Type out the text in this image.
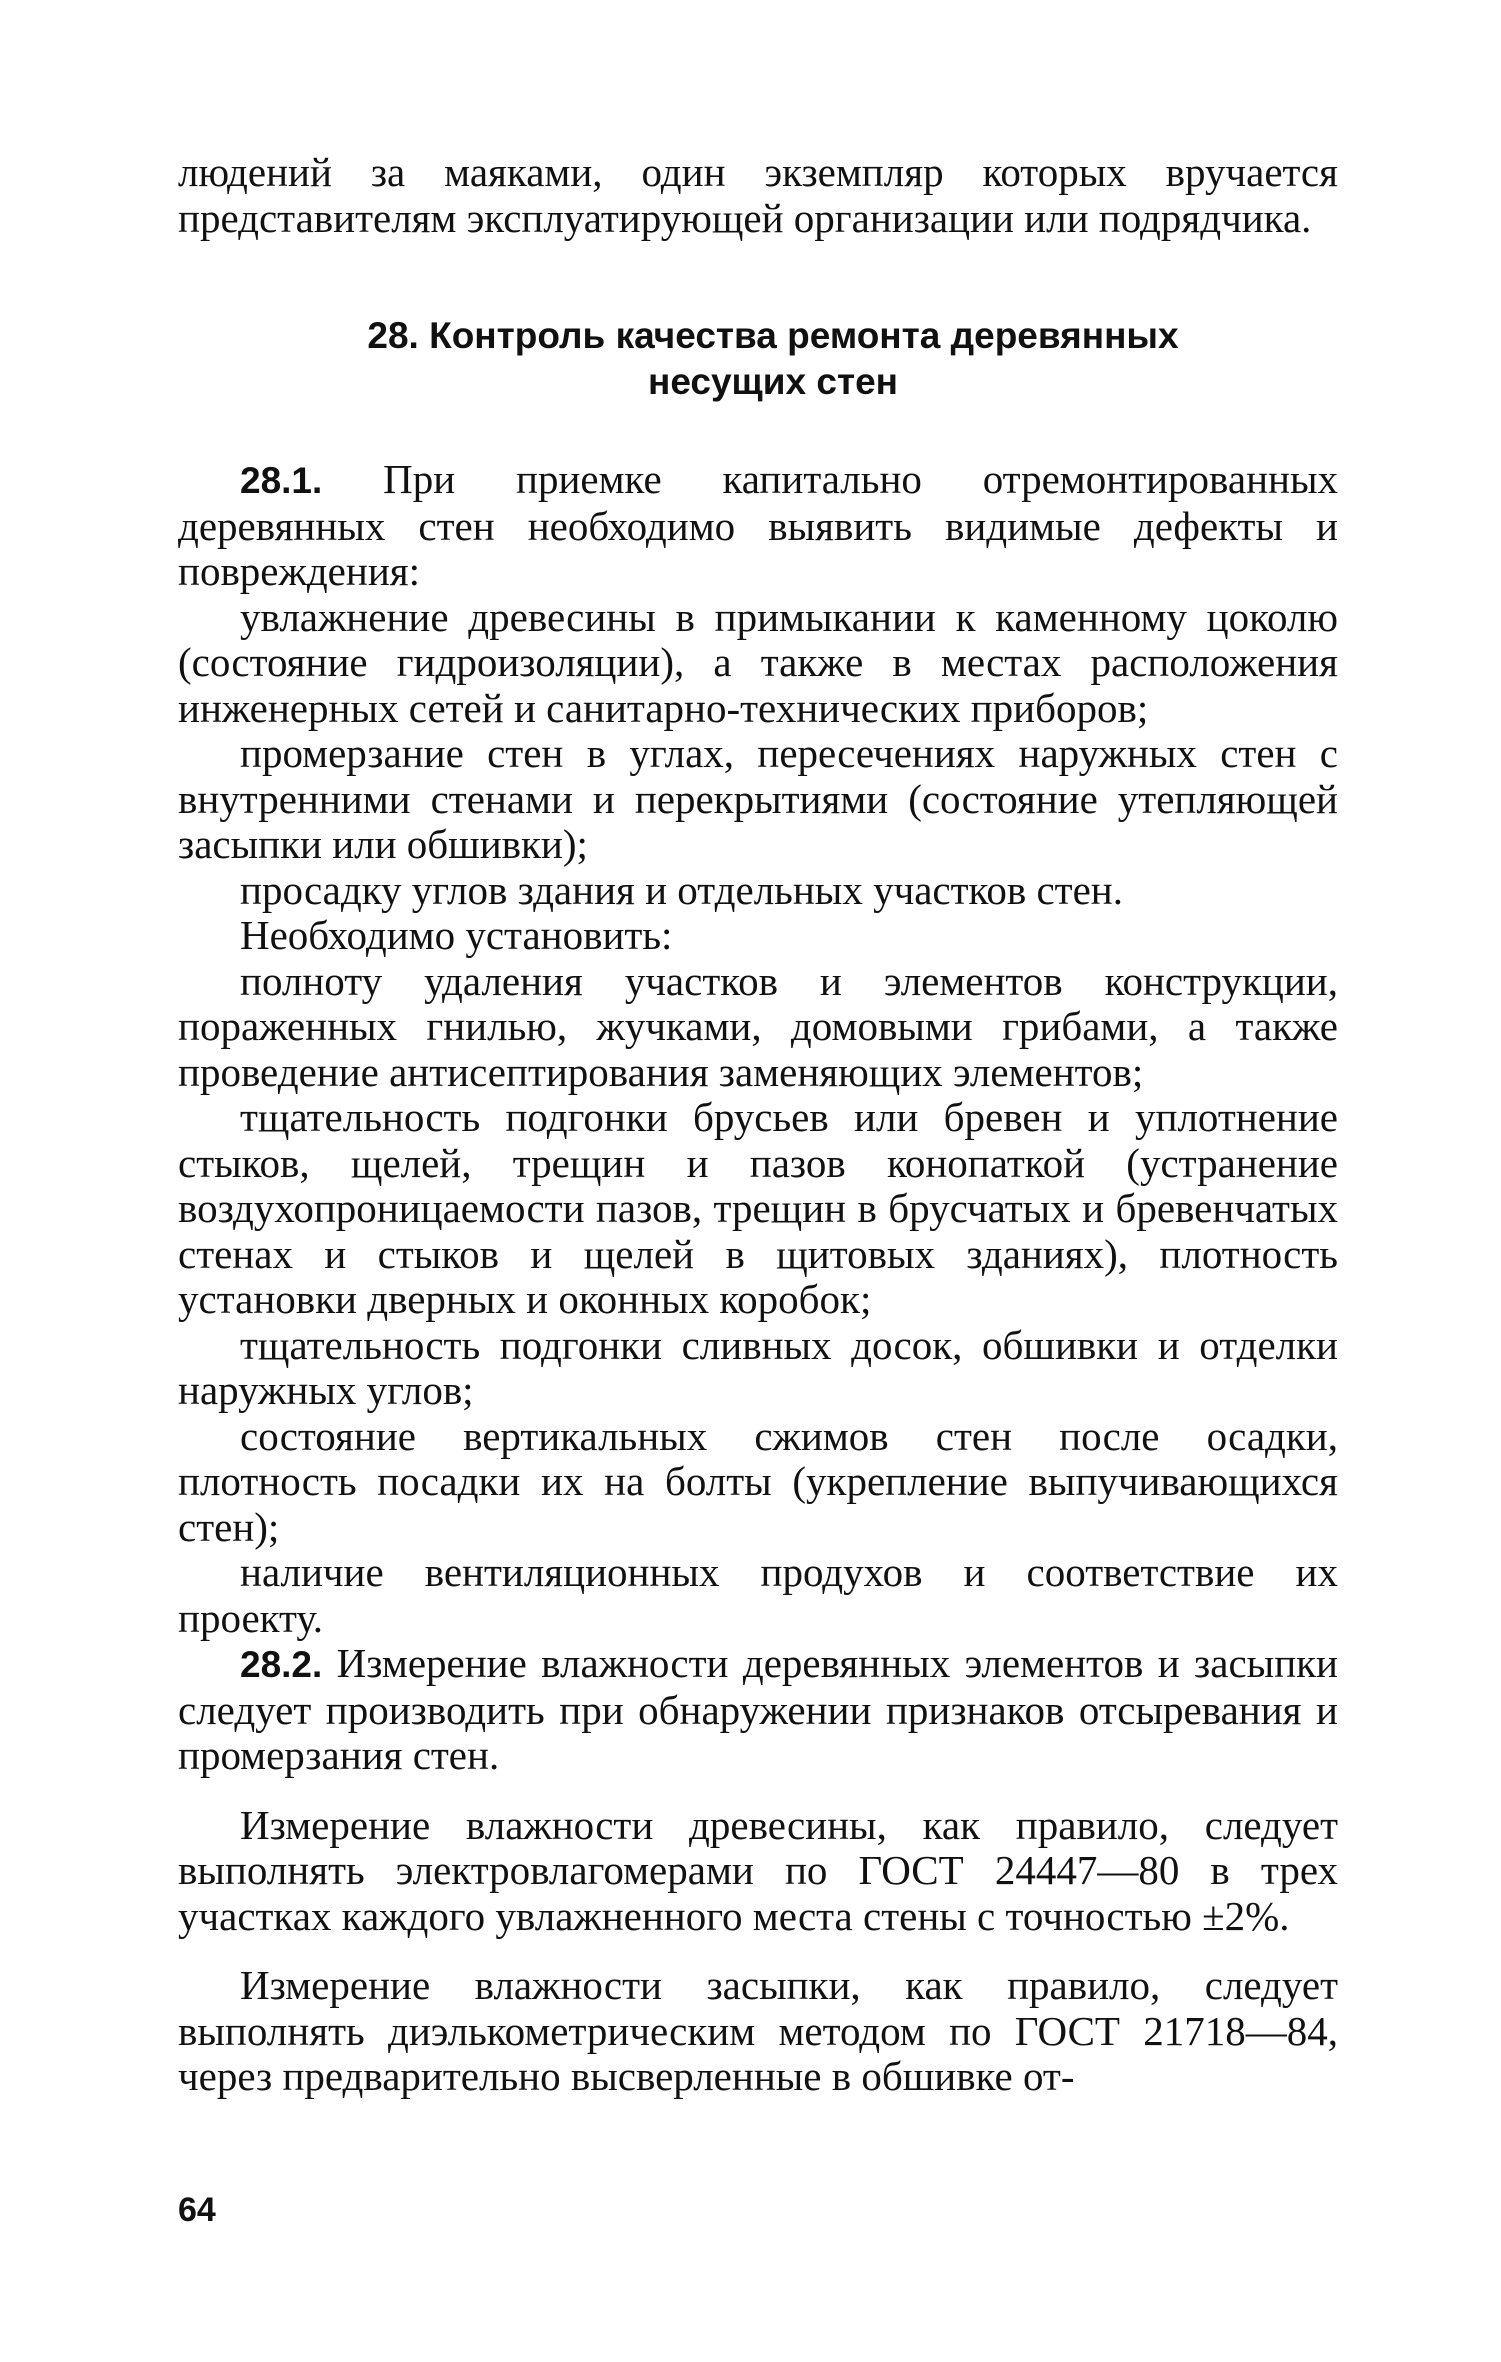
людений за маяками, один экземпляр которых вручается представителям эксплуатирующей организации или подрядчика.

28. Контроль качества ремонта деревянных
несущих стен

28.1. При приемке капитально отремонтированных деревянных стен необходимо выявить видимые дефекты и повреждения:

увлажнение древесины в примыкании к каменному цоколю (состояние гидроизоляции), а также в местах расположения инженерных сетей и санитарно-технических приборов;

промерзание стен в углах, пересечениях наружных стен с внутренними стенами и перекрытиями (состояние утепляющей засыпки или обшивки);

просадку углов здания и отдельных участков стен.

Необходимо установить:

полноту удаления участков и элементов конструкции, пораженных гнилью, жучками, домовыми грибами, а также проведение антисептирования заменяющих элементов;

тщательность подгонки брусьев или бревен и уплотнение стыков, щелей, трещин и пазов конопаткой (устранение воздухопроницаемости пазов, трещин в брусчатых и бревенчатых стенах и стыков и щелей в щитовых зданиях), плотность установки дверных и оконных коробок;

тщательность подгонки сливных досок, обшивки и отделки наружных углов;

состояние вертикальных сжимов стен после осадки, плотность посадки их на болты (укрепление выпучивающихся стен);

наличие вентиляционных продухов и соответствие их проекту.

28.2. Измерение влажности деревянных элементов и засыпки следует производить при обнаружении признаков отсыревания и промерзания стен.

Измерение влажности древесины, как правило, следует выполнять электровлагомерами по ГОСТ 24447—80 в трех участках каждого увлажненного места стены с точностью ±2%.

Измерение влажности засыпки, как правило, следует выполнять диэлькометрическим методом по ГОСТ 21718—84, через предварительно высверленные в обшивке от-

64
